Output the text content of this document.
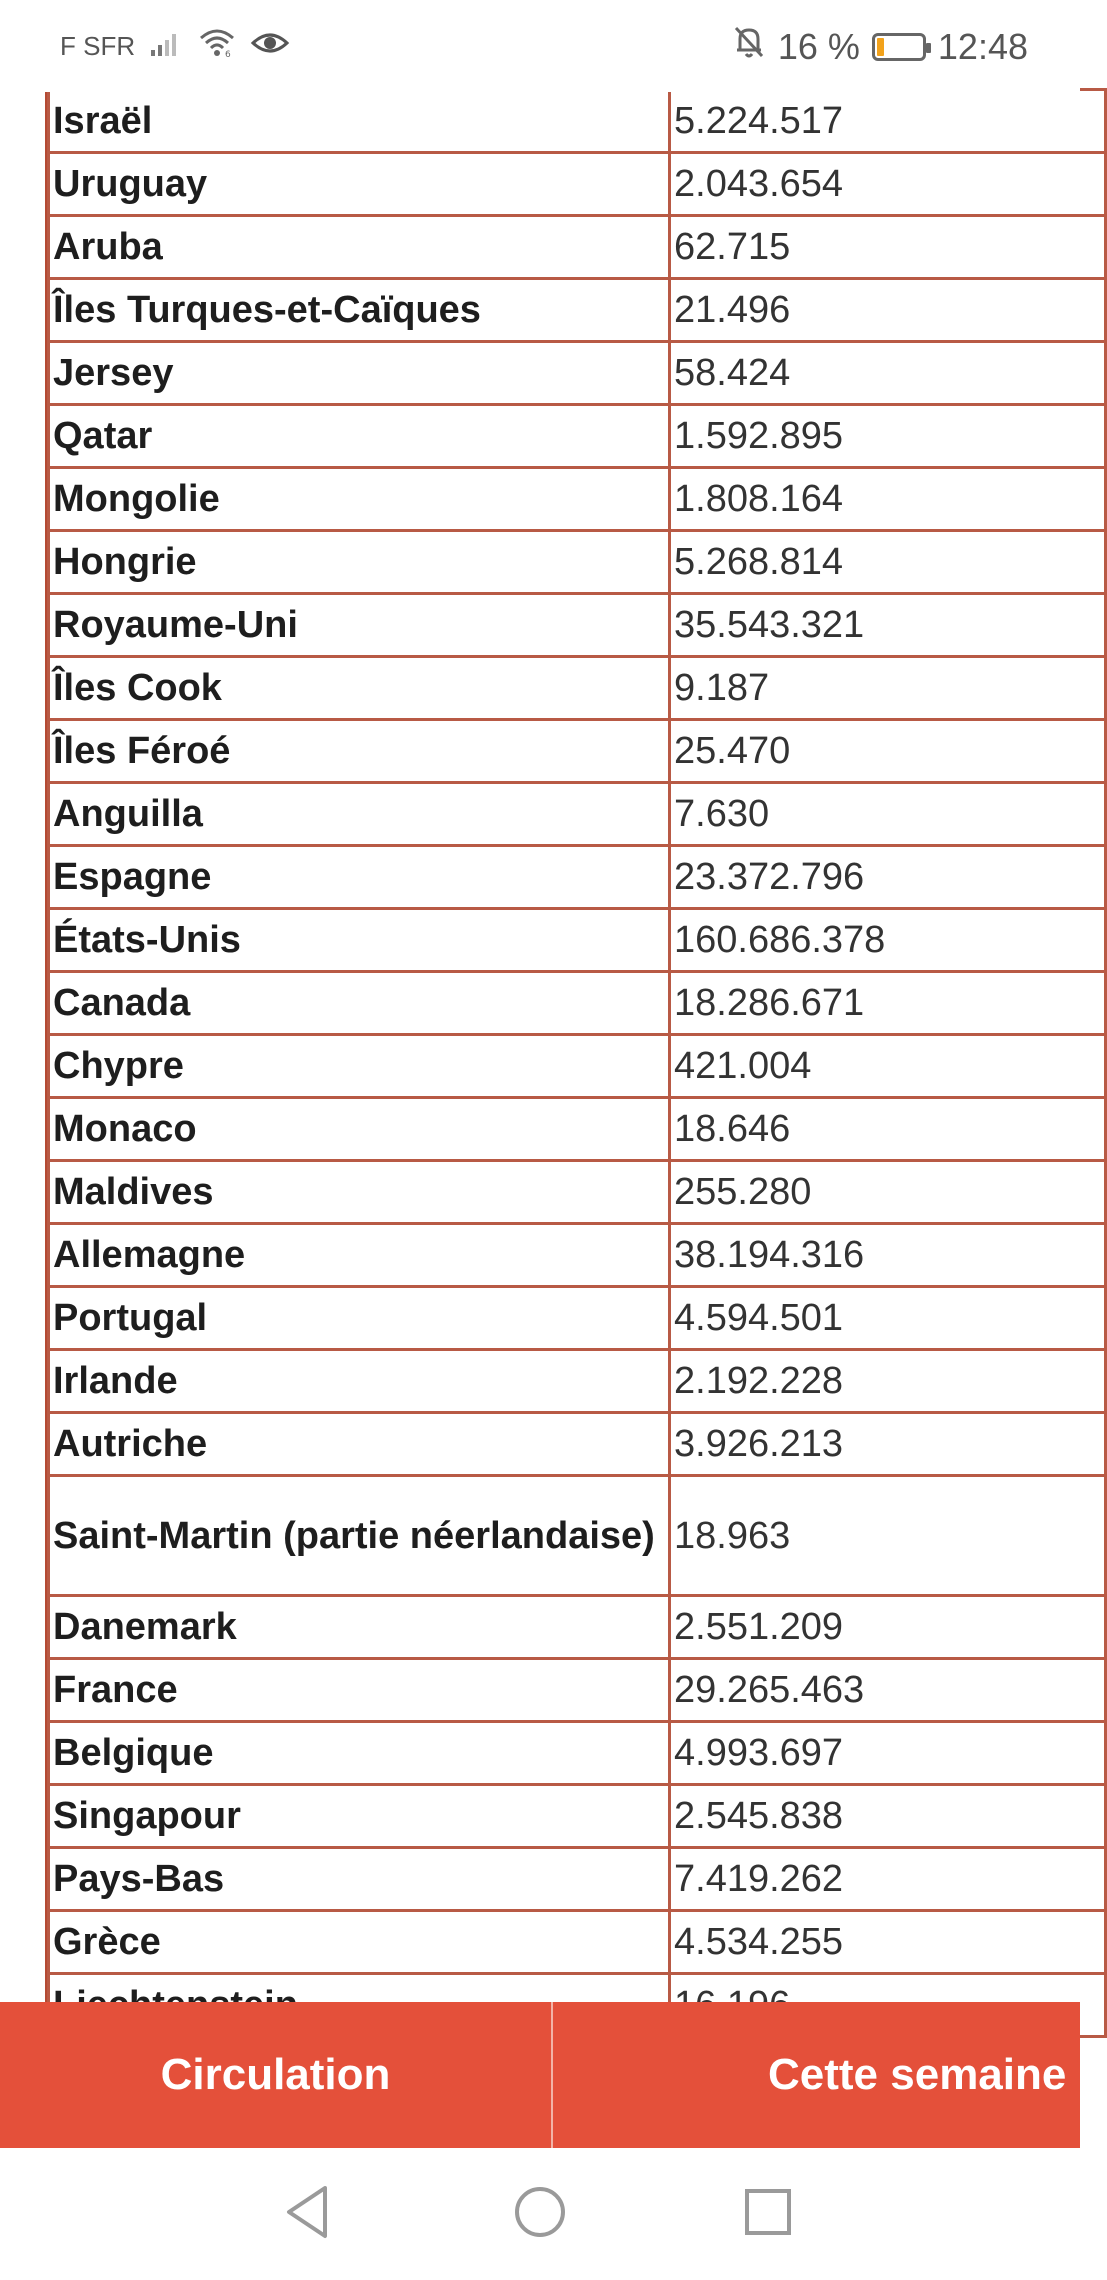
F SFR	6	16 % 12:48
Israël	5.224.517
Uruguay	2.043.654
Aruba	62.715
Îles Turques-et-Caïques	21.496
Jersey	58.424
Qatar	1.592.895
Mongolie	1.808.164
Hongrie	5.268.814
Royaume-Uni	35.543.321
Îles Cook	9.187
Îles Féroé	25.470
Anguilla	7.630
Espagne	23.372.796
États-Unis	160.686.378
Canada	18.286.671
Chypre	421.004
Monaco	18.646
Maldives	255.280
Allemagne	38.194.316
Portugal	4.594.501
Irlande	2.192.228
Autriche	3.926.213
Saint-Martin (partie néerlandaise)	18.963
Danemark	2.551.209
France	29.265.463
Belgique	4.993.697
Singapour	2.545.838
Pays-Bas	7.419.262
Grèce	4.534.255

Circulation	Cette semaine
